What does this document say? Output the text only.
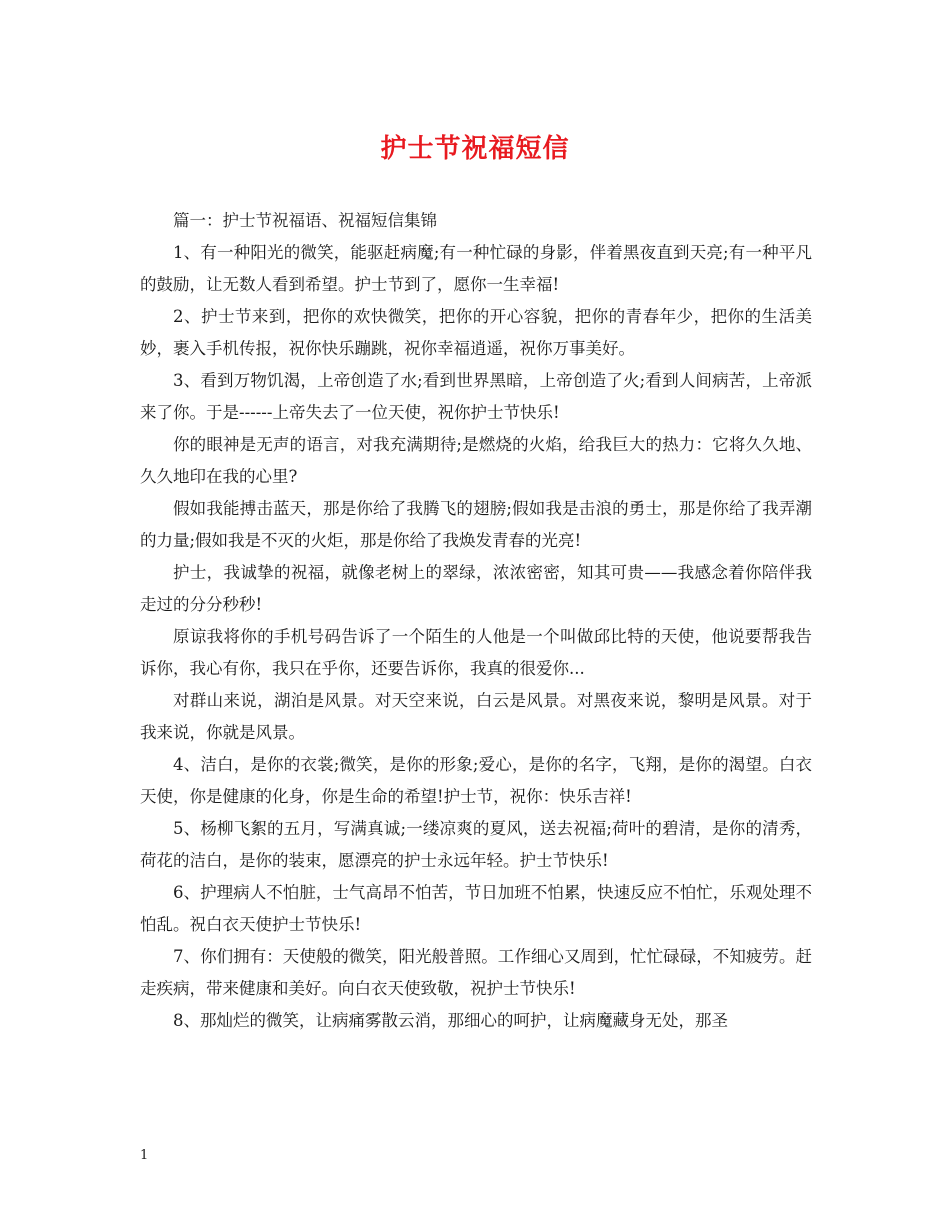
护士节祝福短信

篇一：护士节祝福语、祝福短信集锦

1、有一种阳光的微笑，能驱赶病魔;有一种忙碌的身影，伴着黑夜直到天亮;有一种平凡的鼓励，让无数人看到希望。护士节到了，愿你一生幸福!

2、护士节来到，把你的欢快微笑，把你的开心容貌，把你的青春年少，把你的生活美妙，裹入手机传报，祝你快乐蹦跳，祝你幸福逍遥，祝你万事美好。

3、看到万物饥渴，上帝创造了水;看到世界黑暗，上帝创造了火;看到人间病苦，上帝派来了你。于是------上帝失去了一位天使，祝你护士节快乐!

你的眼神是无声的语言，对我充满期待;是燃烧的火焰，给我巨大的热力：它将久久地、久久地印在我的心里?

假如我能搏击蓝天，那是你给了我腾飞的翅膀;假如我是击浪的勇士，那是你给了我弄潮的力量;假如我是不灭的火炬，那是你给了我焕发青春的光亮!

护士，我诚挚的祝福，就像老树上的翠绿，浓浓密密，知其可贵——我感念着你陪伴我走过的分分秒秒!

原谅我将你的手机号码告诉了一个陌生的人他是一个叫做邱比特的天使，他说要帮我告诉你，我心有你，我只在乎你，还要告诉你，我真的很爱你...

对群山来说，湖泊是风景。对天空来说，白云是风景。对黑夜来说，黎明是风景。对于我来说，你就是风景。

4、洁白，是你的衣裳;微笑，是你的形象;爱心，是你的名字，飞翔，是你的渴望。白衣天使，你是健康的化身，你是生命的希望!护士节，祝你：快乐吉祥!

5、杨柳飞絮的五月，写满真诚;一缕凉爽的夏风，送去祝福;荷叶的碧清，是你的清秀，荷花的洁白，是你的装束，愿漂亮的护士永远年轻。护士节快乐!

6、护理病人不怕脏，士气高昂不怕苦，节日加班不怕累，快速反应不怕忙，乐观处理不怕乱。祝白衣天使护士节快乐!

7、你们拥有：天使般的微笑，阳光般普照。工作细心又周到，忙忙碌碌，不知疲劳。赶走疾病，带来健康和美好。向白衣天使致敬，祝护士节快乐!

8、那灿烂的微笑，让病痛雾散云消，那细心的呵护，让病魔藏身无处，那圣

1
